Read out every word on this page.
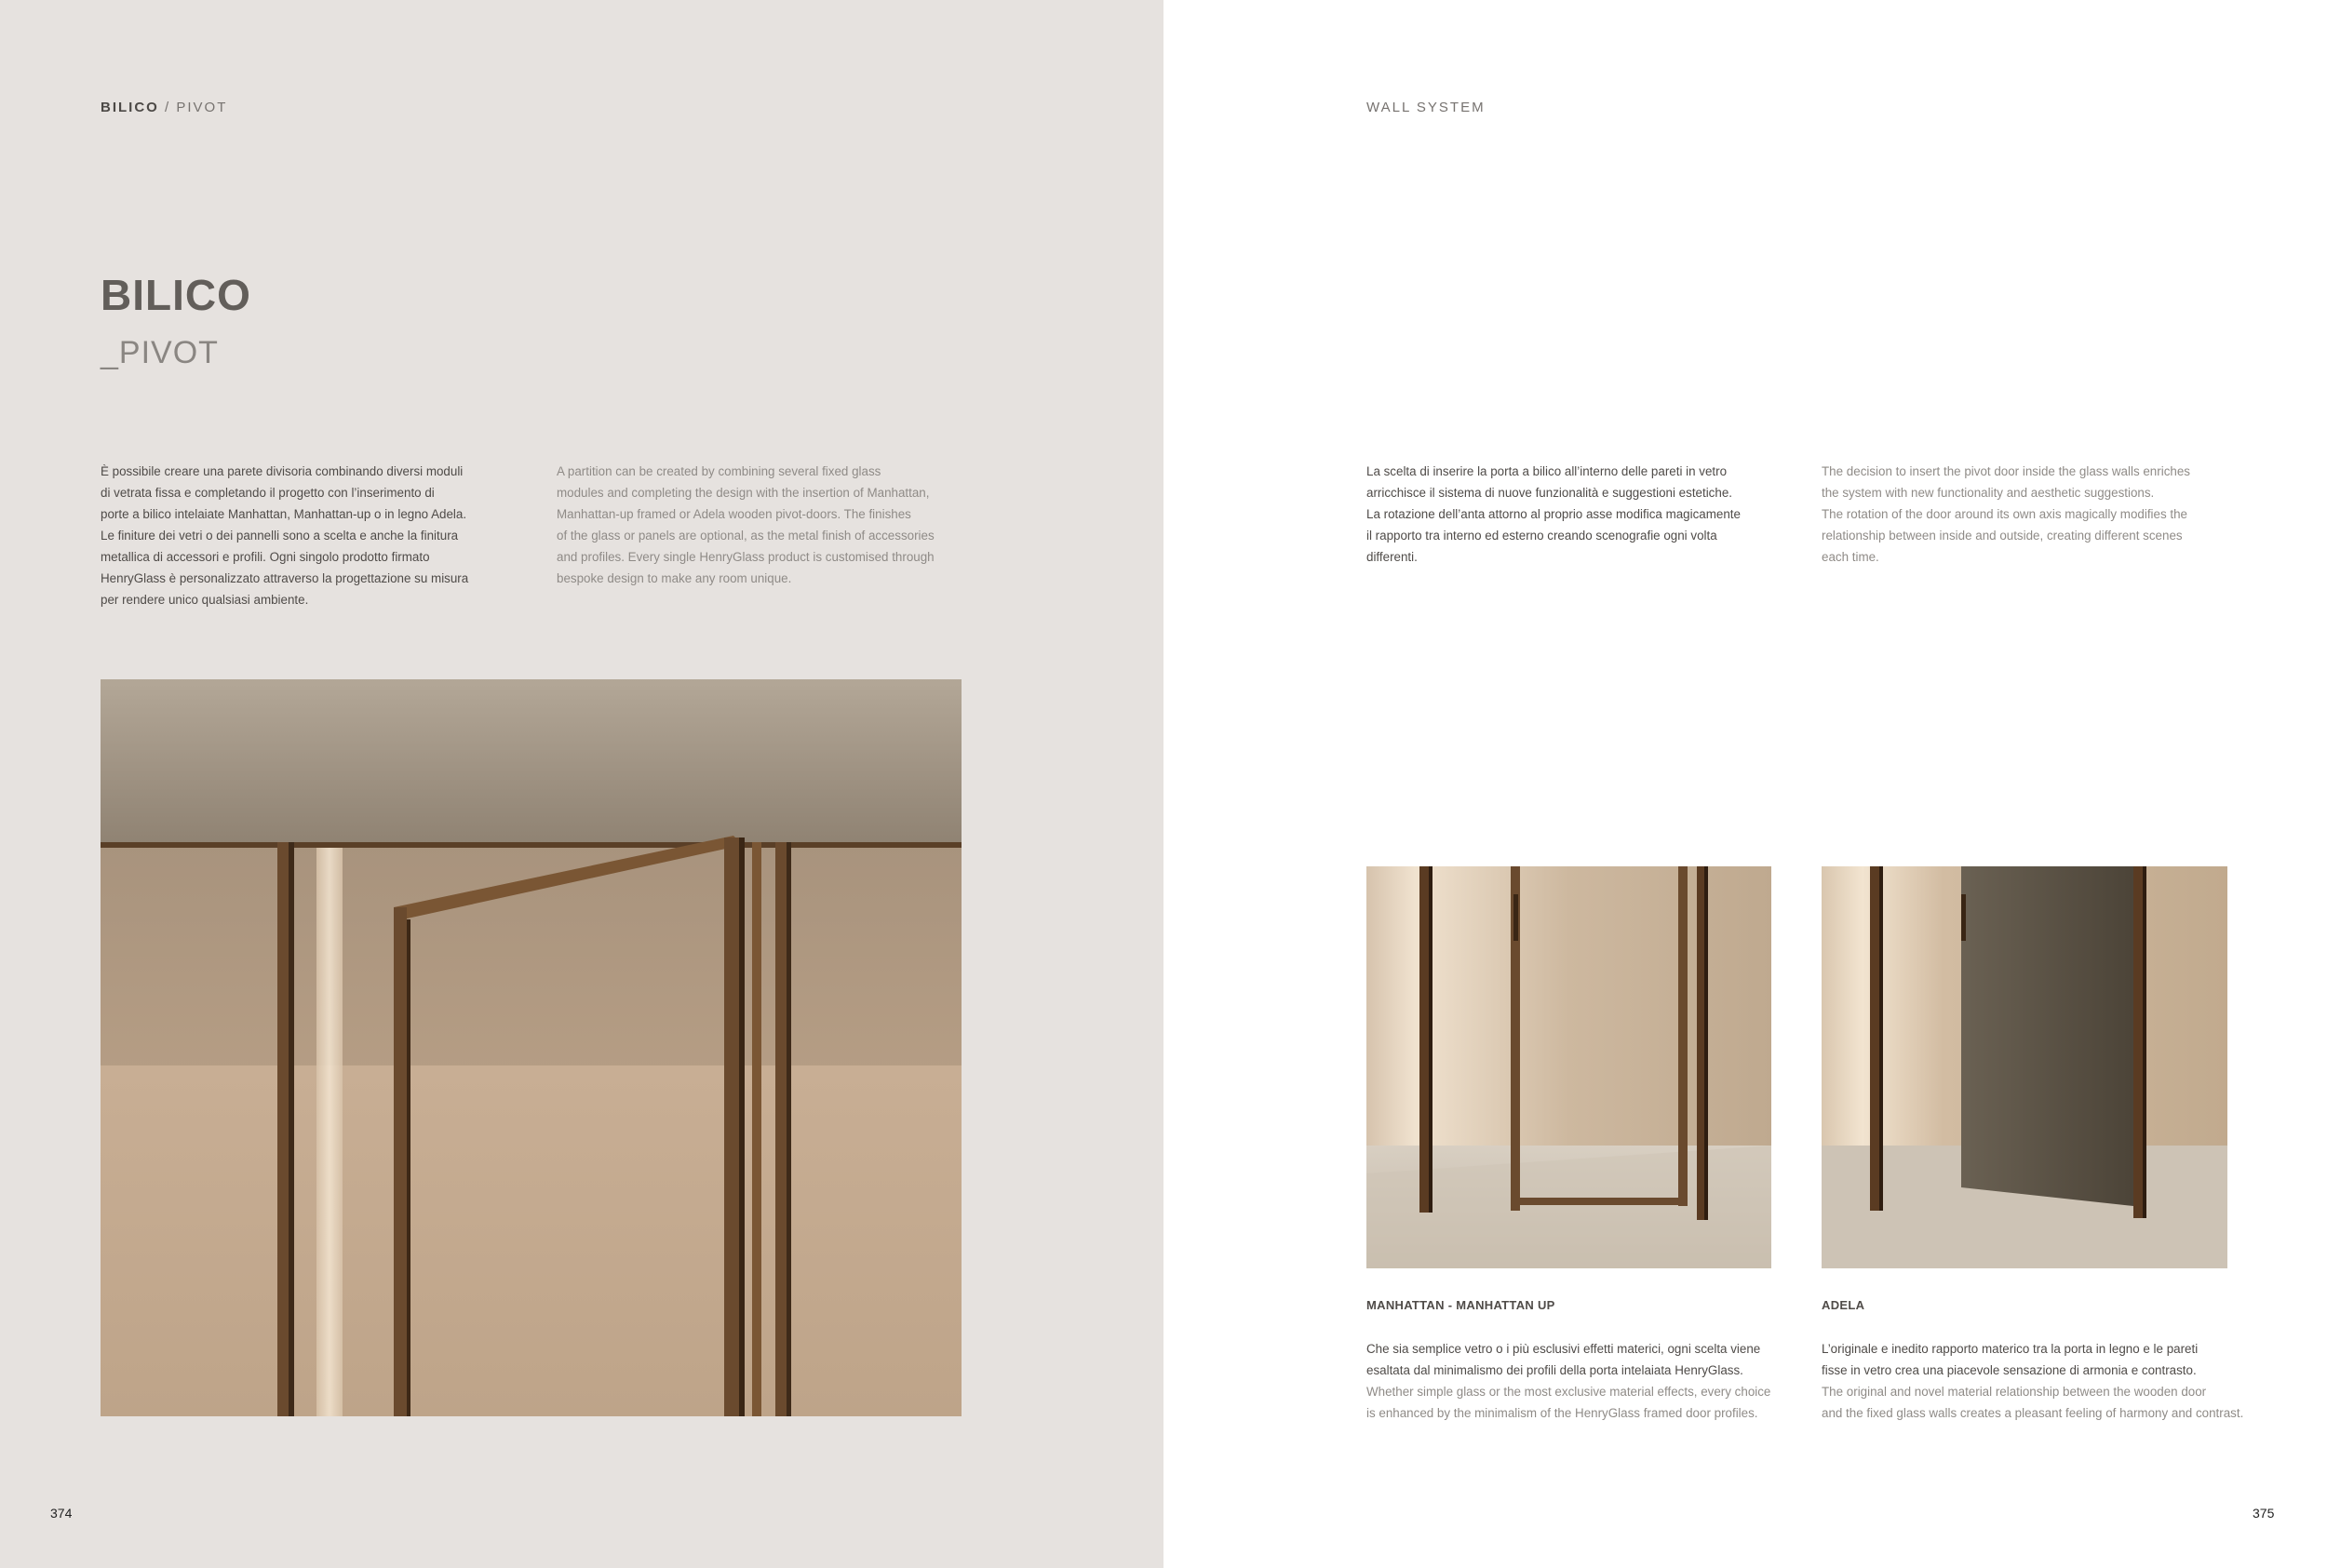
BILICO / PIVOT
BILICO
_PIVOT
È possibile creare una parete divisoria combinando diversi moduli
di vetrata fissa e completando il progetto con l’inserimento di
porte a bilico intelaiate Manhattan, Manhattan-up o in legno Adela.
Le finiture dei vetri o dei pannelli sono a scelta e anche la finitura
metallica di accessori e profili. Ogni singolo prodotto firmato
HenryGlass è personalizzato attraverso la progettazione su misura
per rendere unico qualsiasi ambiente.
A partition can be created by combining several fixed glass
modules and completing the design with the insertion of Manhattan,
Manhattan-up framed or Adela wooden pivot-doors. The finishes
of the glass or panels are optional, as the metal finish of accessories
and profiles. Every single HenryGlass product is customised through
bespoke design to make any room unique.
374
WALL SYSTEM
La scelta di inserire la porta a bilico all’interno delle pareti in vetro
arricchisce il sistema di nuove funzionalità e suggestioni estetiche.
La rotazione dell’anta attorno al proprio asse modifica magicamente
il rapporto tra interno ed esterno creando scenografie ogni volta
differenti.
The decision to insert the pivot door inside the glass walls enriches
the system with new functionality and aesthetic suggestions.
The rotation of the door around its own axis magically modifies the
relationship between inside and outside, creating different scenes
each time.
MANHATTAN - MANHATTAN UP	ADELA
Che sia semplice vetro o i più esclusivi effetti materici, ogni scelta viene
esaltata dal minimalismo dei profili della porta intelaiata HenryGlass.
Whether simple glass or the most exclusive material effects, every choice
is enhanced by the minimalism of the HenryGlass framed door profiles.
L’originale e inedito rapporto materico tra la porta in legno e le pareti
fisse in vetro crea una piacevole sensazione di armonia e contrasto.
The original and novel material relationship between the wooden door
and the fixed glass walls creates a pleasant feeling of harmony and contrast.
375
